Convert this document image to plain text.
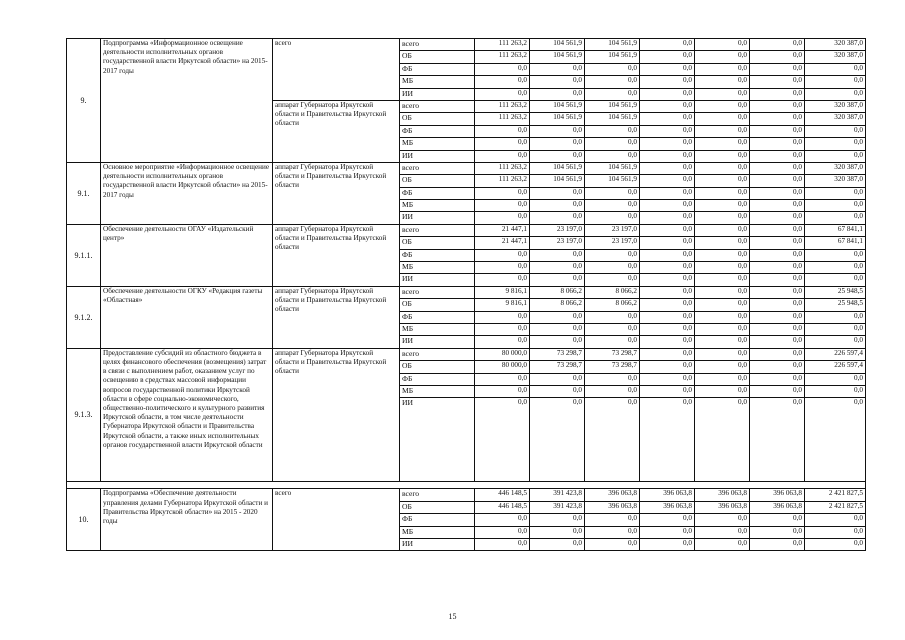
9.	Подпрограмма «Информационное освещение деятельности исполнительных органов государственной власти Иркутской области» на 2015-2017 годы	всего	всего	111 263,2	104 561,9	104 561,9	0,0	0,0	0,0	320 387,0
			ОБ	111 263,2	104 561,9	104 561,9	0,0	0,0	0,0	320 387,0
			ФБ	0,0	0,0	0,0	0,0	0,0	0,0	0,0
			МБ	0,0	0,0	0,0	0,0	0,0	0,0	0,0
			ИИ	0,0	0,0	0,0	0,0	0,0	0,0	0,0
		аппарат Губернатора Иркутской области и Правительства Иркутской области	всего	111 263,2	104 561,9	104 561,9	0,0	0,0	0,0	320 387,0
			ОБ	111 263,2	104 561,9	104 561,9	0,0	0,0	0,0	320 387,0
			ФБ	0,0	0,0	0,0	0,0	0,0	0,0	0,0
			МБ	0,0	0,0	0,0	0,0	0,0	0,0	0,0
			ИИ	0,0	0,0	0,0	0,0	0,0	0,0	0,0
9.1.	Основное мероприятие «Информационное освещение деятельности исполнительных органов государственной власти Иркутской области» на 2015-2017 годы	аппарат Губернатора Иркутской области и Правительства Иркутской области	всего	111 263,2	104 561,9	104 561,9	0,0	0,0	0,0	320 387,0
			ОБ	111 263,2	104 561,9	104 561,9	0,0	0,0	0,0	320 387,0
			ФБ	0,0	0,0	0,0	0,0	0,0	0,0	0,0
			МБ	0,0	0,0	0,0	0,0	0,0	0,0	0,0
			ИИ	0,0	0,0	0,0	0,0	0,0	0,0	0,0
9.1.1.	Обеспечение деятельности ОГАУ «Издательский центр»	аппарат Губернатора Иркутской области и Правительства Иркутской области	всего	21 447,1	23 197,0	23 197,0	0,0	0,0	0,0	67 841,1
			ОБ	21 447,1	23 197,0	23 197,0	0,0	0,0	0,0	67 841,1
			ФБ	0,0	0,0	0,0	0,0	0,0	0,0	0,0
			МБ	0,0	0,0	0,0	0,0	0,0	0,0	0,0
			ИИ	0,0	0,0	0,0	0,0	0,0	0,0	0,0
9.1.2.	Обеспечение деятельности ОГКУ «Редакция газеты «Областная»	аппарат Губернатора Иркутской области и Правительства Иркутской области	всего	9 816,1	8 066,2	8 066,2	0,0	0,0	0,0	25 948,5
			ОБ	9 816,1	8 066,2	8 066,2	0,0	0,0	0,0	25 948,5
			ФБ	0,0	0,0	0,0	0,0	0,0	0,0	0,0
			МБ	0,0	0,0	0,0	0,0	0,0	0,0	0,0
			ИИ	0,0	0,0	0,0	0,0	0,0	0,0	0,0
9.1.3.	Предоставление субсидий из областного бюджета в целях финансового обеспечения (возмещения) затрат в связи с выполнением работ, оказанием услуг по освещению в средствах массовой информации вопросов государственной политики Иркутской области в сфере социально-экономического, общественно-политического и культурного развития Иркутской области, в том числе деятельности Губернатора Иркутской области и Правительства Иркутской области, а также иных исполнительных органов государственной власти Иркутской области	аппарат Губернатора Иркутской области и Правительства Иркутской области	всего	80 000,0	73 298,7	73 298,7	0,0	0,0	0,0	226 597,4
			ОБ	80 000,0	73 298,7	73 298,7	0,0	0,0	0,0	226 597,4
			ФБ	0,0	0,0	0,0	0,0	0,0	0,0	0,0
			МБ	0,0	0,0	0,0	0,0	0,0	0,0	0,0
			ИИ	0,0	0,0	0,0	0,0	0,0	0,0	0,0

10.	Подпрограмма «Обеспечение деятельности управления делами Губернатора Иркутской области и Правительства Иркутской области» на 2015 - 2020 годы	всего	всего	446 148,5	391 423,8	396 063,8	396 063,8	396 063,8	396 063,8	2 421 827,5
			ОБ	446 148,5	391 423,8	396 063,8	396 063,8	396 063,8	396 063,8	2 421 827,5
			ФБ	0,0	0,0	0,0	0,0	0,0	0,0	0,0
			МБ	0,0	0,0	0,0	0,0	0,0	0,0	0,0
			ИИ	0,0	0,0	0,0	0,0	0,0	0,0	0,0
15
